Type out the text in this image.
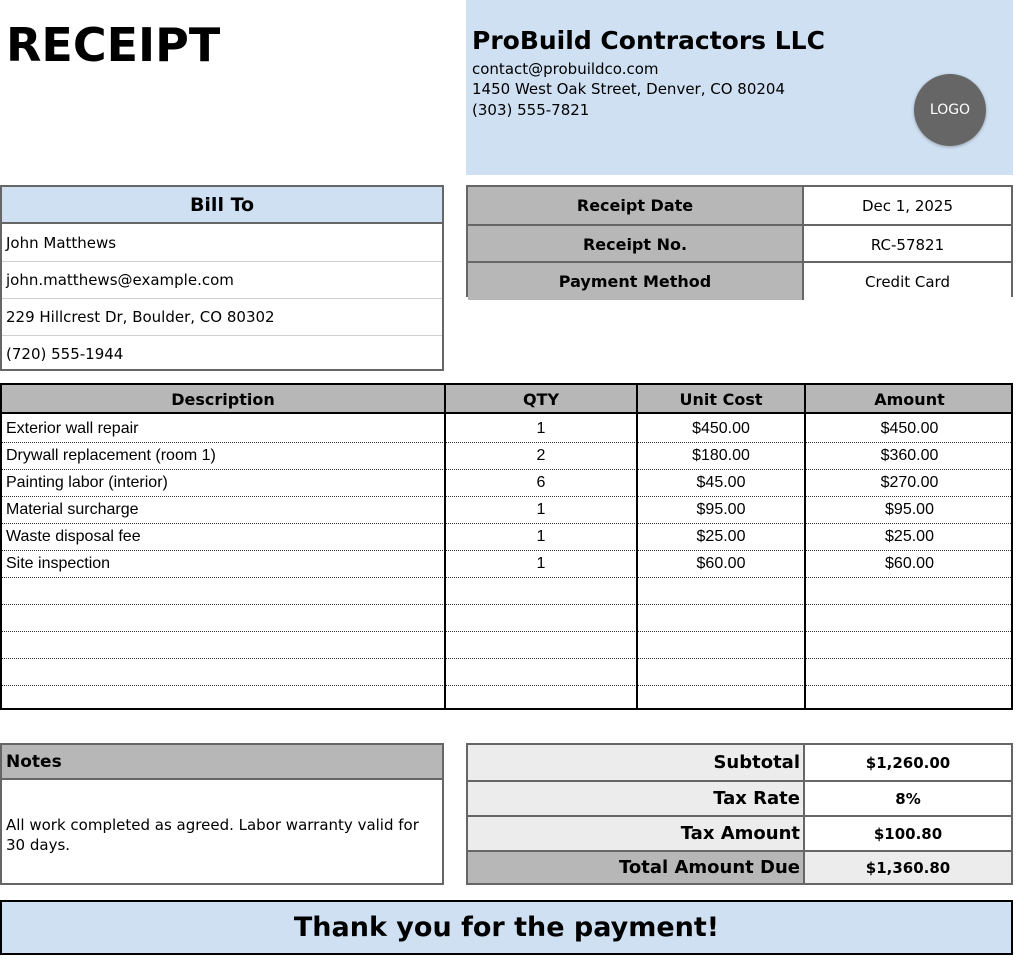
RECEIPT	ProBuild Contractors LLC
contact@probuildco.com
1450 West Oak Street, Denver, CO 80204
(303) 555-7821	LOGO
Bill To
John Matthews
john.matthews@example.com
229 Hillcrest Dr, Boulder, CO 80302
(720) 555-1944
Receipt Date	Dec 1, 2025
Receipt No.	RC-57821
Payment Method	Credit Card
Description	QTY	Unit Cost	Amount
Exterior wall repair	1	$450.00	$450.00
Drywall replacement (room 1)	2	$180.00	$360.00
Painting labor (interior)	6	$45.00	$270.00
Material surcharge	1	$95.00	$95.00
Waste disposal fee	1	$25.00	$25.00
Site inspection	1	$60.00	$60.00
Notes
All work completed as agreed. Labor warranty valid for 30 days.
Subtotal	$1,260.00
Tax Rate	8%
Tax Amount	$100.80
Total Amount Due	$1,360.80
Thank you for the payment!
